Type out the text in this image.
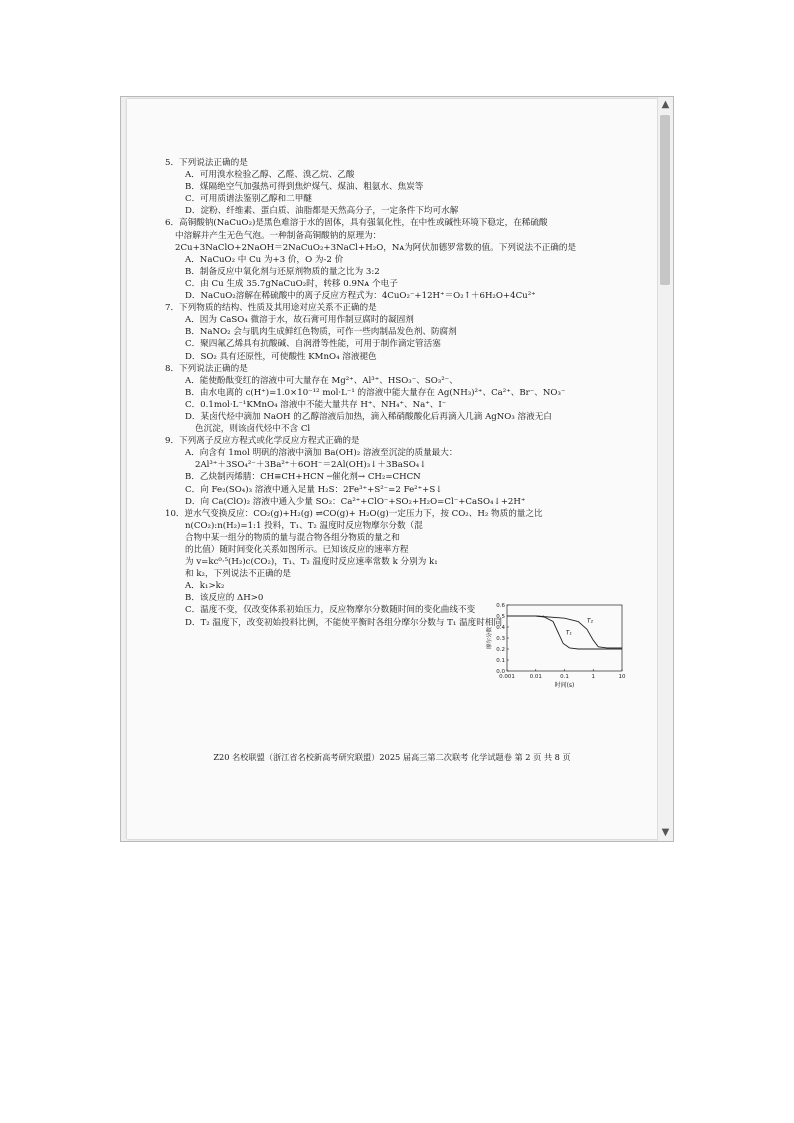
5．下列说法正确的是
A．可用溴水检验乙醇、乙醛、溴乙烷、乙酸
B．煤隔绝空气加强热可得到焦炉煤气、煤油、粗氨水、焦炭等
C．可用质谱法鉴别乙醇和二甲醚
D．淀粉、纤维素、蛋白质、油脂都是天然高分子，一定条件下均可水解
6．高铜酸钠(NaCuO₂)是黑色难溶于水的固体，具有强氧化性，在中性或碱性环境下稳定，在稀硫酸
中溶解并产生无色气泡。一种制备高铜酸钠的原理为：
2Cu+3NaClO+2NaOH＝2NaCuO₂+3NaCl+H₂O，Nᴀ为阿伏加德罗常数的值。下列说法不正确的是
A．NaCuO₂ 中 Cu 为+3 价，O 为-2 价
B．制备反应中氧化剂与还原剂物质的量之比为 3:2
C．由 Cu 生成 35.7gNaCuO₂时，转移 0.9Nᴀ 个电子
D．NaCuO₂溶解在稀硫酸中的离子反应方程式为：4CuO₂⁻+12H⁺＝O₂↑＋6H₂O+4Cu²⁺
7．下列物质的结构、性质及其用途对应关系不正确的是
A．因为 CaSO₄ 微溶于水，故石膏可用作制豆腐时的凝固剂
B．NaNO₂ 会与肌肉生成鲜红色物质，可作一些肉制品发色剂、防腐剂
C．聚四氟乙烯具有抗酸碱、自润滑等性能，可用于制作滴定管活塞
D．SO₂ 具有还原性，可使酸性 KMnO₄ 溶液褪色
8．下列说法正确的是
A．能使酚酞变红的溶液中可大量存在 Mg²⁺、Al³⁺、HSO₃⁻、SO₃²⁻、
B．由水电离的 c(H⁺)=1.0×10⁻¹² mol·L⁻¹ 的溶液中能大量存在 Ag(NH₃)²⁺、Ca²⁺、Br⁻、NO₃⁻
C．0.1mol·L⁻¹KMnO₄ 溶液中不能大量共存 H⁺、NH₄⁺、Na⁺、I⁻
D．某卤代烃中滴加 NaOH 的乙醇溶液后加热，滴入稀硝酸酸化后再滴入几滴 AgNO₃ 溶液无白
色沉淀，则该卤代烃中不含 Cl
9．下列离子反应方程式或化学反应方程式正确的是
A．向含有 1mol 明矾的溶液中滴加 Ba(OH)₂ 溶液至沉淀的质量最大：
2Al³⁺＋3SO₄²⁻＋3Ba²⁺＋6OH⁻＝2Al(OH)₃↓＋3BaSO₄↓
B．乙炔制丙烯腈：CH≡CH+HCN ─催化剂→ CH₂=CHCN
C．向 Fe₂(SO₄)₃ 溶液中通入足量 H₂S：2Fe³⁺+S²⁻=2 Fe²⁺+S↓
D．向 Ca(ClO)₂ 溶液中通入少量 SO₂：Ca²⁺+ClO⁻+SO₂+H₂O=Cl⁻+CaSO₄↓+2H⁺
10．逆水气变换反应：CO₂(g)+H₂(g) ⇌CO(g)+ H₂O(g)一定压力下，按 CO₂、H₂ 物质的量之比
n(CO₂):n(H₂)=1:1 投料，T₁、T₂ 温度时反应物摩尔分数（混
合物中某一组分的物质的量与混合物各组分物质的量之和
的比值）随时间变化关系如图所示。已知该反应的速率方程
为 v=kc⁰·⁵(H₂)c(CO₂)，T₁、T₂ 温度时反应速率常数 k 分别为 k₁
和 k₂，下列说法不正确的是
A．k₁>k₂
B．该反应的 ΔH>0
C．温度不变，仅改变体系初始压力，反应物摩尔分数随时间的变化曲线不变
D．T₂ 温度下，改变初始投料比例，不能使平衡时各组分摩尔分数与 T₁ 温度时相同
0.0
0.1
0.2
0.3
0.4
0.5
0.6
0.001	0.01	0.1	1	10
时间(s)
摩尔分数	T₁
T₂
Z20 名校联盟（浙江省名校新高考研究联盟）2025 届高三第二次联考 化学试题卷 第 2 页 共 8 页
▲
▼
